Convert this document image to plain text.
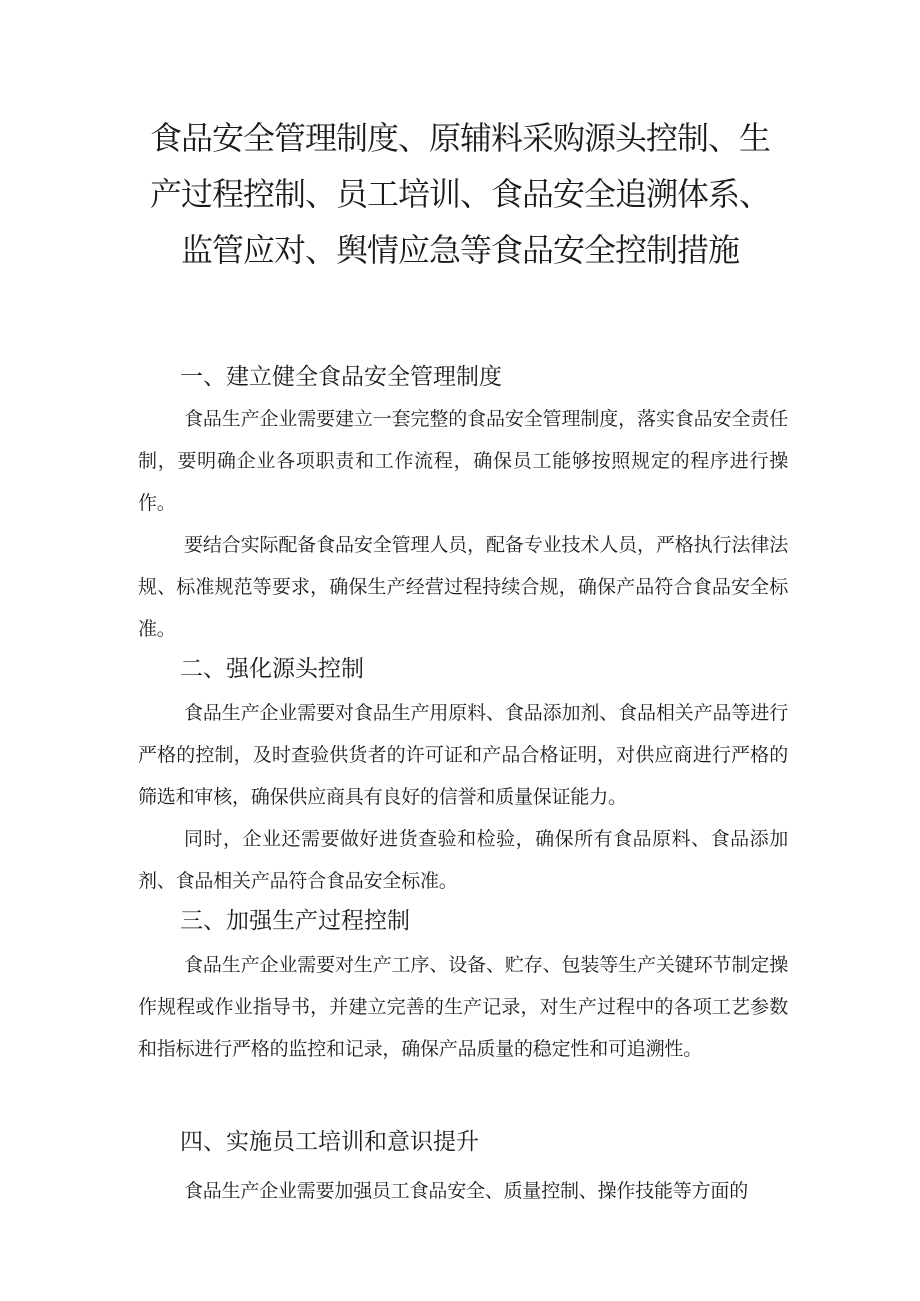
食品安全管理制度、原辅料采购源头控制、生产过程控制、员工培训、食品安全追溯体系、监管应对、舆情应急等食品安全控制措施
一、建立健全食品安全管理制度

食品生产企业需要建立一套完整的食品安全管理制度，落实食品安全责任制，要明确企业各项职责和工作流程，确保员工能够按照规定的程序进行操作。

要结合实际配备食品安全管理人员，配备专业技术人员，严格执行法律法规、标准规范等要求，确保生产经营过程持续合规，确保产品符合食品安全标准。

二、强化源头控制

食品生产企业需要对食品生产用原料、食品添加剂、食品相关产品等进行严格的控制，及时查验供货者的许可证和产品合格证明，对供应商进行严格的筛选和审核，确保供应商具有良好的信誉和质量保证能力。

同时，企业还需要做好进货查验和检验，确保所有食品原料、食品添加剂、食品相关产品符合食品安全标准。

三、加强生产过程控制

食品生产企业需要对生产工序、设备、贮存、包装等生产关键环节制定操作规程或作业指导书，并建立完善的生产记录，对生产过程中的各项工艺参数和指标进行严格的监控和记录，确保产品质量的稳定性和可追溯性。

四、实施员工培训和意识提升

食品生产企业需要加强员工食品安全、质量控制、操作技能等方面的
